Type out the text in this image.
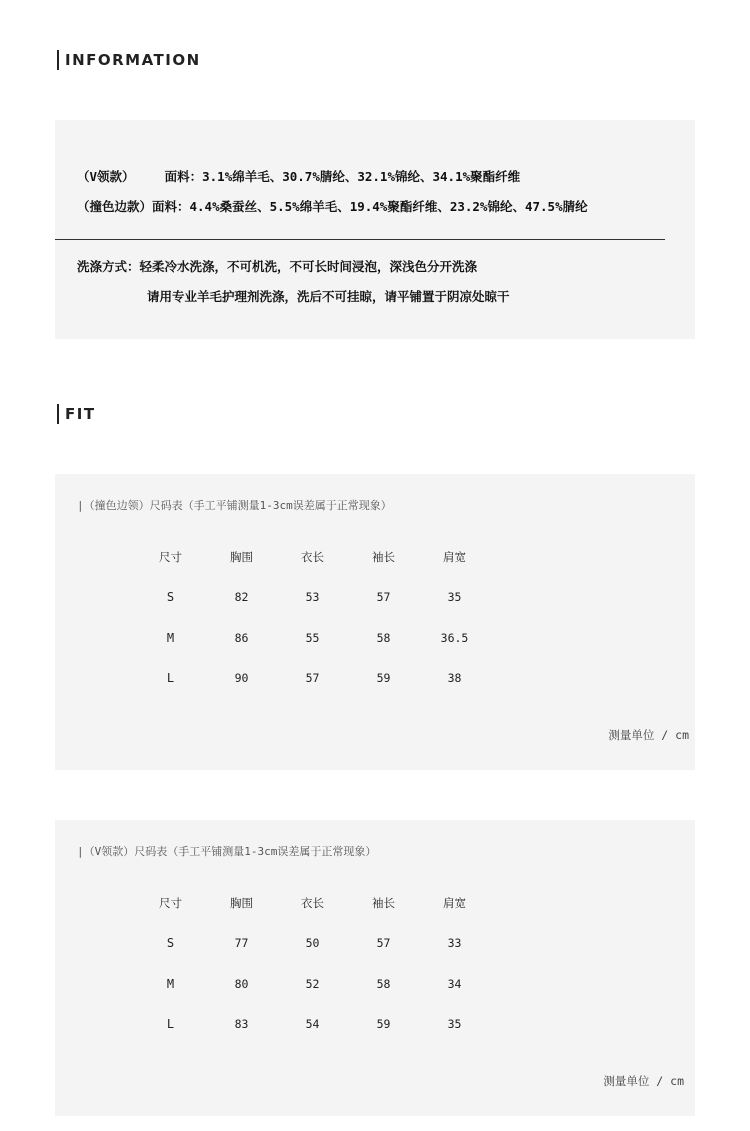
INFORMATION
（V领款）    面料：3.1%绵羊毛、30.7%腈纶、32.1%锦纶、34.1%聚酯纤维
（撞色边款）面料：4.4%桑蚕丝、5.5%绵羊毛、19.4%聚酯纤维、23.2%锦纶、47.5%腈纶
洗涤方式：轻柔冷水洗涤，不可机洗，不可长时间浸泡，深浅色分开洗涤
请用专业羊毛护理剂洗涤，洗后不可挂晾，请平铺置于阴凉处晾干
FIT
|（撞色边领）尺码表（手工平铺测量1-3cm误差属于正常现象）
尺寸	胸围	衣长	袖长	肩宽
S	82	53	57	35
M	86	55	58	36.5
L	90	57	59	38
测量单位 / cm
|（V领款）尺码表（手工平铺测量1-3cm误差属于正常现象）
尺寸	胸围	衣长	袖长	肩宽
S	77	50	57	33
M	80	52	58	34
L	83	54	59	35
测量单位 / cm
